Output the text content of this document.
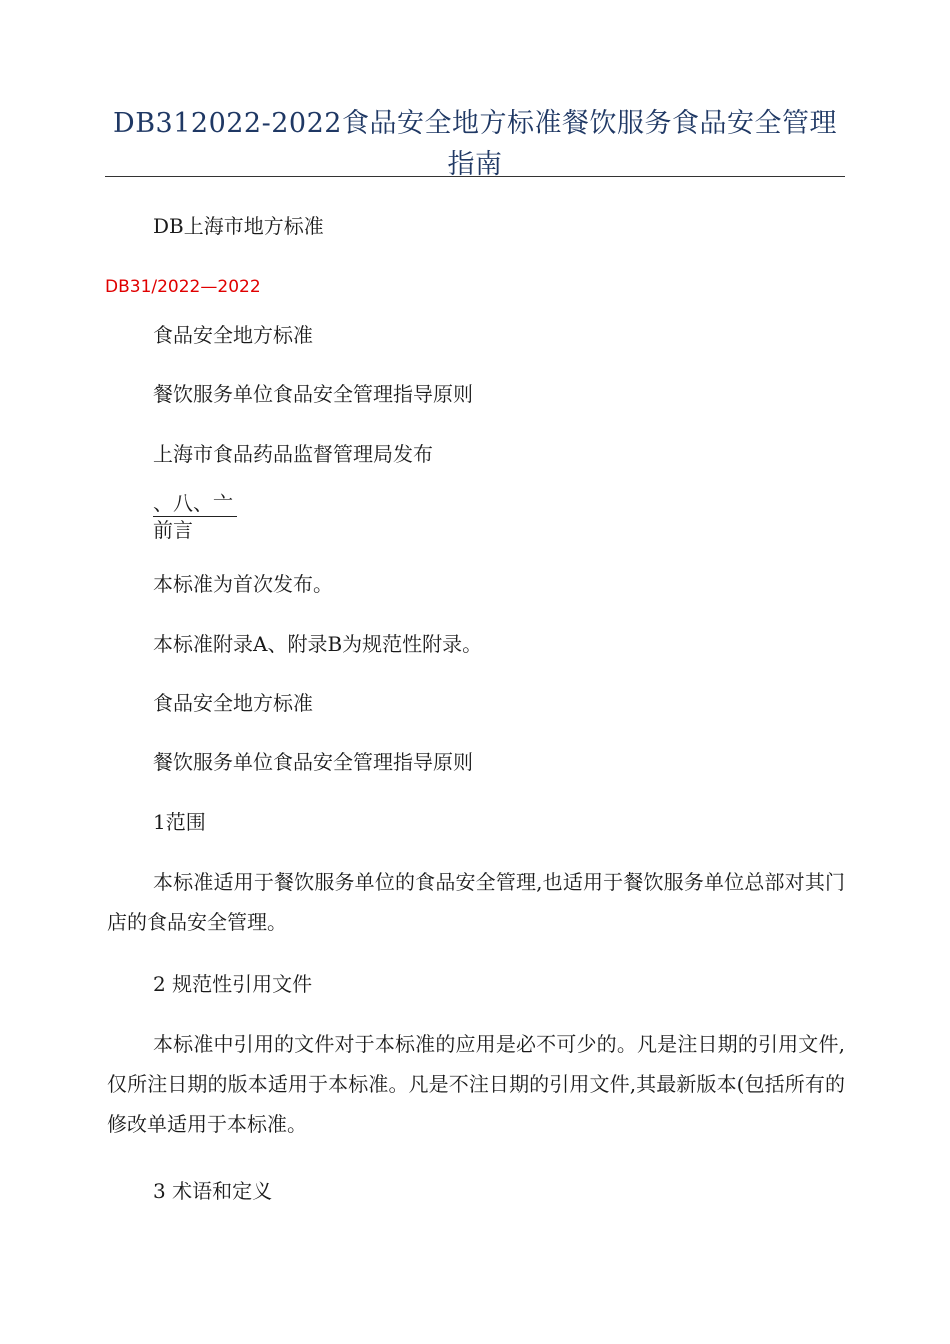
DB312022-2022食品安全地方标准餐饮服务食品安全管理指南
DB上海市地方标准
DB31/2022—2022
食品安全地方标准
餐饮服务单位食品安全管理指导原则
上海市食品药品监督管理局发布
、八、亠
前言
本标准为首次发布。
本标准附录A、附录B为规范性附录。
食品安全地方标准
餐饮服务单位食品安全管理指导原则
1范围
本标准适用于餐饮服务单位的食品安全管理,也适用于餐饮服务单位总部对其门店的食品安全管理。
2 规范性引用文件
本标准中引用的文件对于本标准的应用是必不可少的。凡是注日期的引用文件,仅所注日期的版本适用于本标准。凡是不注日期的引用文件,其最新版本(包括所有的修改单适用于本标准。
3 术语和定义
